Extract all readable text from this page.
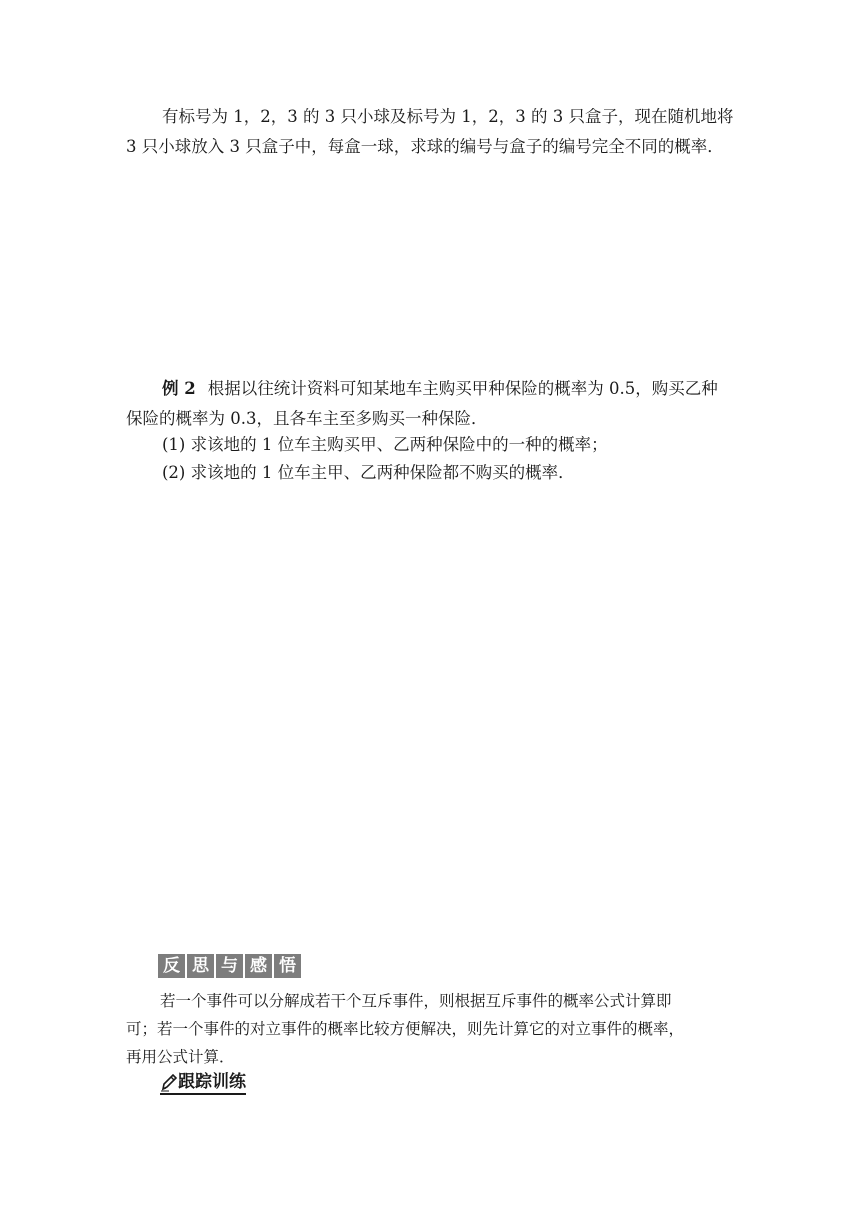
有标号为 1，2，3 的 3 只小球及标号为 1，2，3 的 3 只盒子，现在随机地将
3 只小球放入 3 只盒子中，每盒一球，求球的编号与盒子的编号完全不同的概率．
例 2 根据以往统计资料可知某地车主购买甲种保险的概率为 0.5，购买乙种
保险的概率为 0.3，且各车主至多购买一种保险．
(1) 求该地的 1 位车主购买甲、乙两种保险中的一种的概率；
(2) 求该地的 1 位车主甲、乙两种保险都不购买的概率．
反 思 与 感 悟
若一个事件可以分解成若干个互斥事件，则根据互斥事件的概率公式计算即
可；若一个事件的对立事件的概率比较方便解决，则先计算它的对立事件的概率，
再用公式计算．
跟踪训练
